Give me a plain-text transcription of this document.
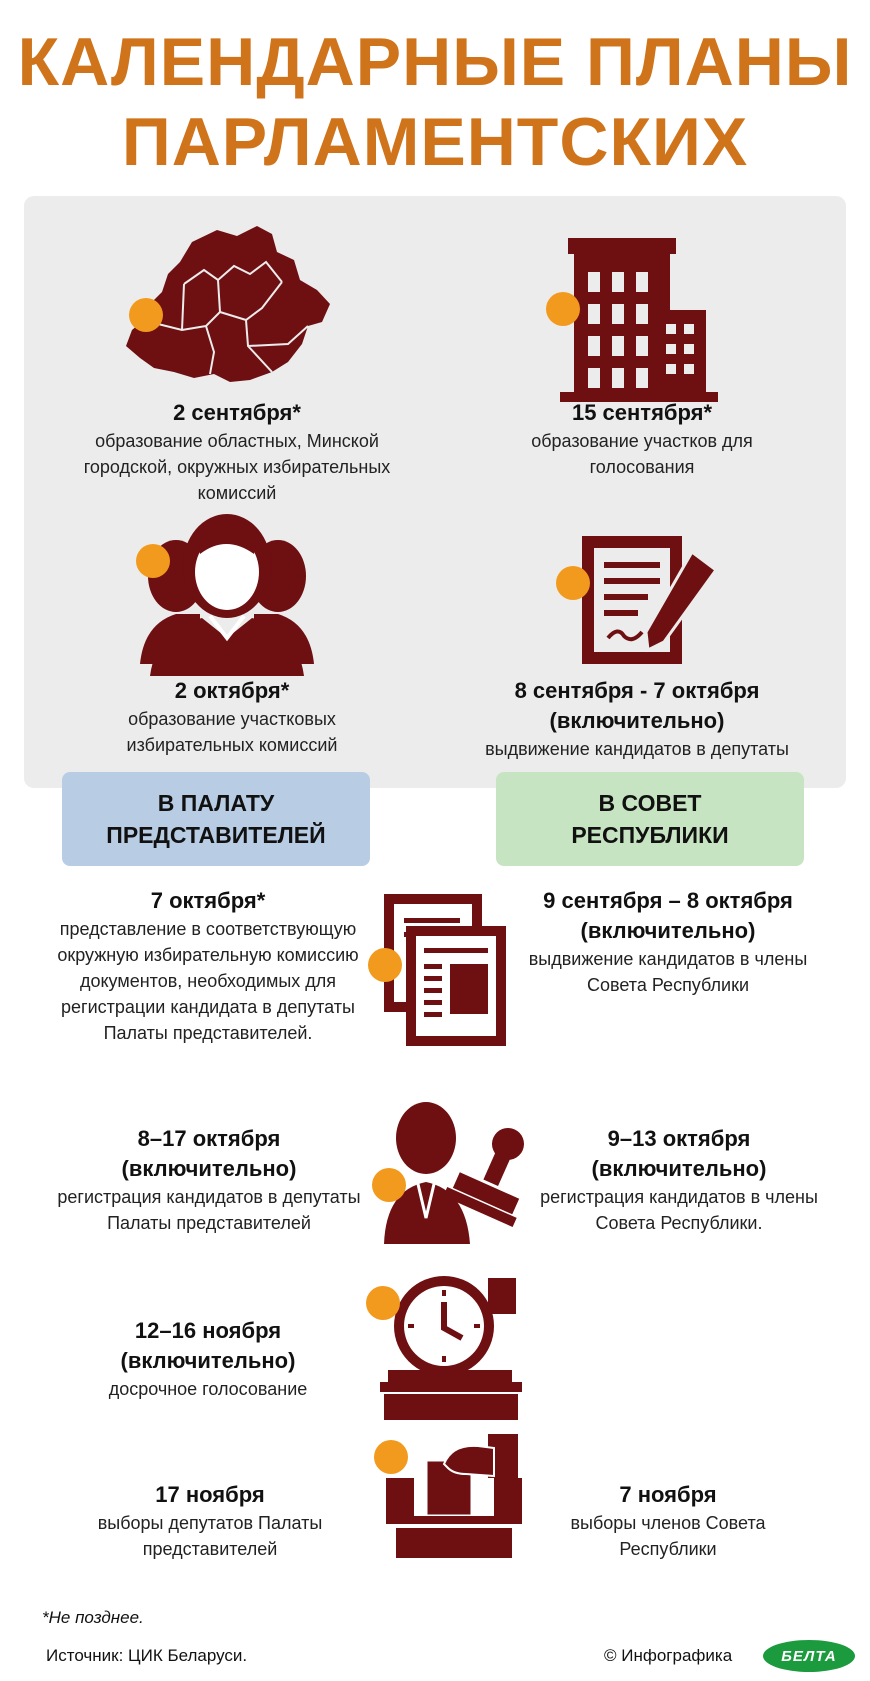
КАЛЕНДАРНЫЕ ПЛАНЫ
ПАРЛАМЕНТСКИХ
2 сентября*
образование областных, Минской городской, окружных избирательных комиссий
15 сентября*
образование участков для голосования
2 октября*
образование участковых избирательных комиссий
8 сентября - 7 октября (включительно)
выдвижение кандидатов в депутаты
В ПАЛАТУ ПРЕДСТАВИТЕЛЕЙ
В СОВЕТ РЕСПУБЛИКИ
7 октября*
представление в соответствующую окружную избирательную комиссию документов, необходимых для регистрации кандидата в депутаты Палаты представителей.
9 сентября – 8 октября (включительно)
выдвижение кандидатов в члены Совета Республики
8–17 октября (включительно)
регистрация кандидатов в депутаты Палаты представителей
9–13 октября (включительно)
регистрация кандидатов в члены Совета Республики.
12–16 ноября (включительно)
досрочное голосование
17 ноября
выборы депутатов Палаты представителей
7 ноября
выборы членов Совета Республики
*Не позднее.
Источник: ЦИК Беларуси.	© Инфографика	БЕЛТА
